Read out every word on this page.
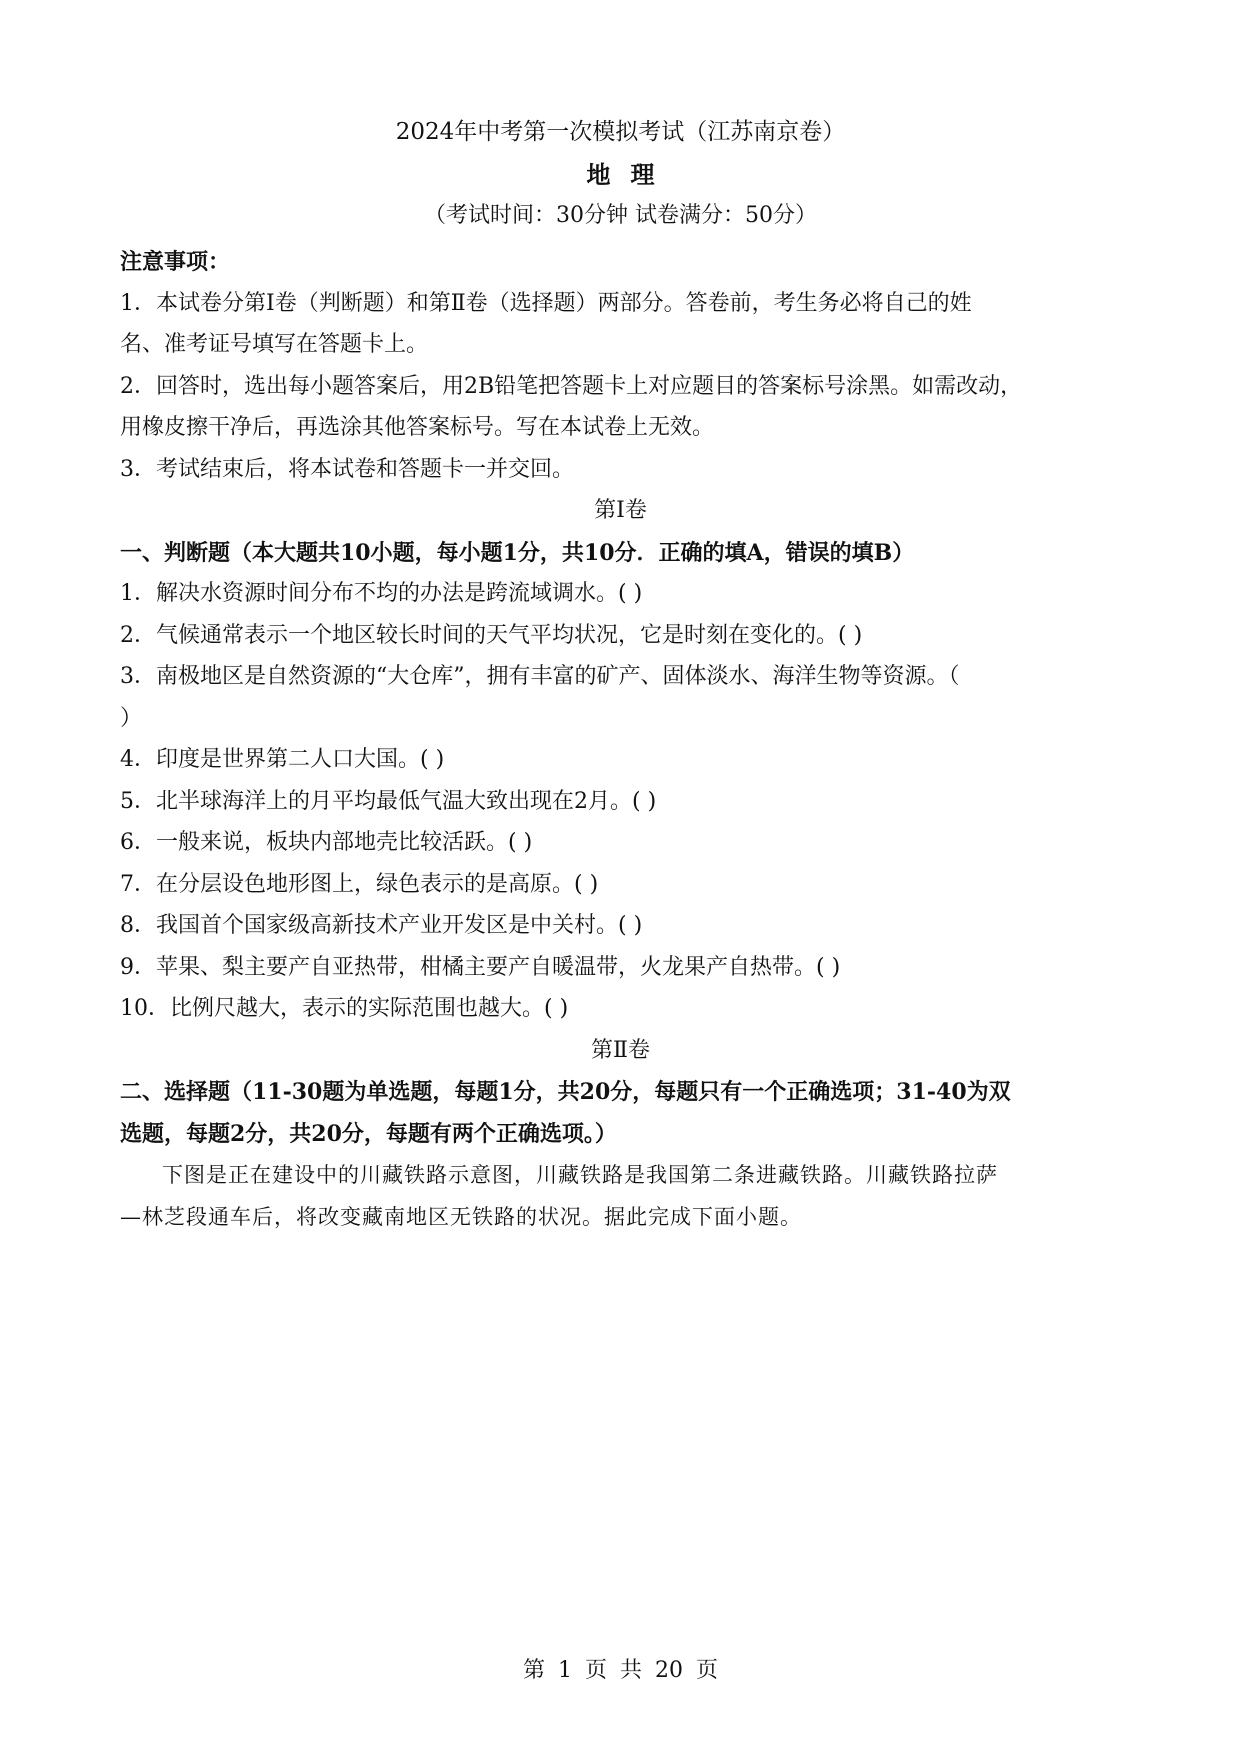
2024年中考第一次模拟考试（江苏南京卷）
地理
（考试时间：30分钟 试卷满分：50分）
注意事项：
1．本试卷分第Ⅰ卷（判断题）和第Ⅱ卷（选择题）两部分。答卷前，考生务必将自己的姓
名、准考证号填写在答题卡上。
2．回答时，选出每小题答案后，用2B铅笔把答题卡上对应题目的答案标号涂黑。如需改动，
用橡皮擦干净后，再选涂其他答案标号。写在本试卷上无效。
3．考试结束后，将本试卷和答题卡一并交回。
第Ⅰ卷
一、判断题（本大题共10小题，每小题1分，共10分．正确的填A，错误的填B）
1．解决水资源时间分布不均的办法是跨流域调水。( )
2．气候通常表示一个地区较长时间的天气平均状况，它是时刻在变化的。( )
3．南极地区是自然资源的“大仓库”，拥有丰富的矿产、固体淡水、海洋生物等资源。（
）
4．印度是世界第二人口大国。( )
5．北半球海洋上的月平均最低气温大致出现在2月。( )
6．一般来说，板块内部地壳比较活跃。( )
7．在分层设色地形图上，绿色表示的是高原。( )
8．我国首个国家级高新技术产业开发区是中关村。( )
9．苹果、梨主要产自亚热带，柑橘主要产自暖温带，火龙果产自热带。( )
10．比例尺越大，表示的实际范围也越大。( )
第Ⅱ卷
二、选择题（11-30题为单选题，每题1分，共20分，每题只有一个正确选项；31-40为双
选题，每题2分，共20分，每题有两个正确选项。）
下图是正在建设中的川藏铁路示意图，川藏铁路是我国第二条进藏铁路。川藏铁路拉萨
—林芝段通车后，将改变藏南地区无铁路的状况。据此完成下面小题。
第 1 页 共 20 页
